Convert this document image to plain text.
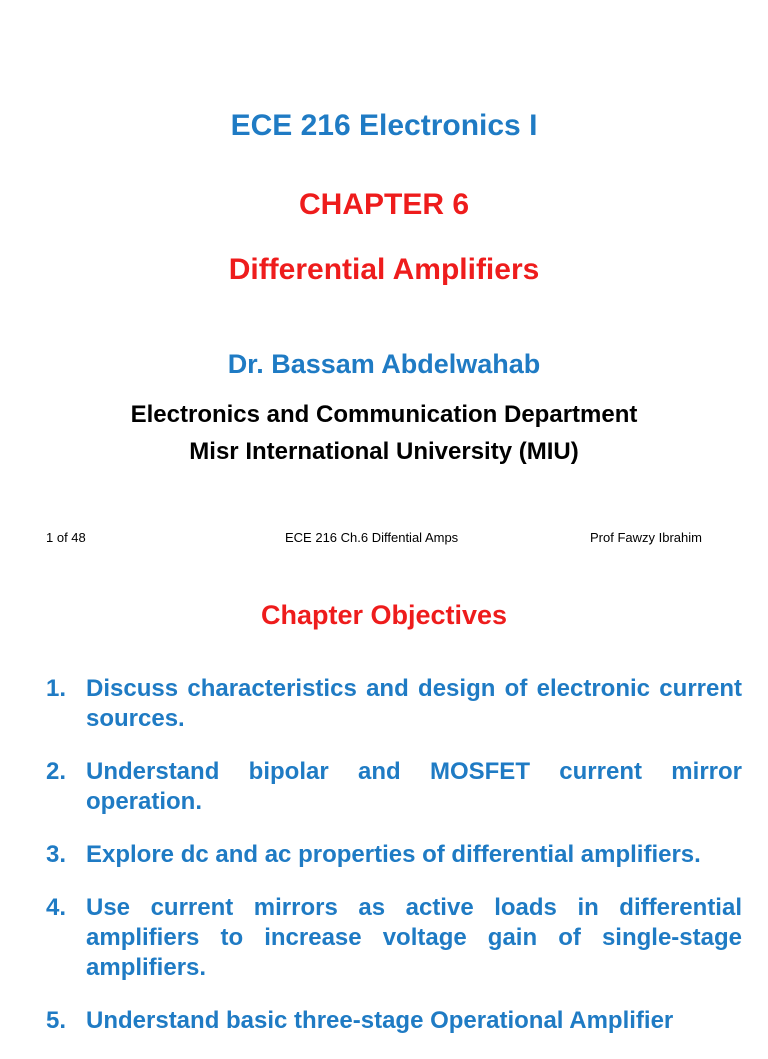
ECE 216 Electronics I
CHAPTER 6
Differential Amplifiers
Dr. Bassam Abdelwahab
Electronics and Communication Department
Misr International University (MIU)
1 of 48	ECE 216 Ch.6 Diffential Amps	Prof Fawzy Ibrahim
Chapter Objectives
1. Discuss characteristics and design of electronic current sources.
2. Understand bipolar and MOSFET current mirror operation.
3. Explore dc and ac properties of differential amplifiers.
4. Use current mirrors as active loads in differential amplifiers to increase voltage gain of single-stage amplifiers.
5. Understand basic three-stage Operational Amplifier
